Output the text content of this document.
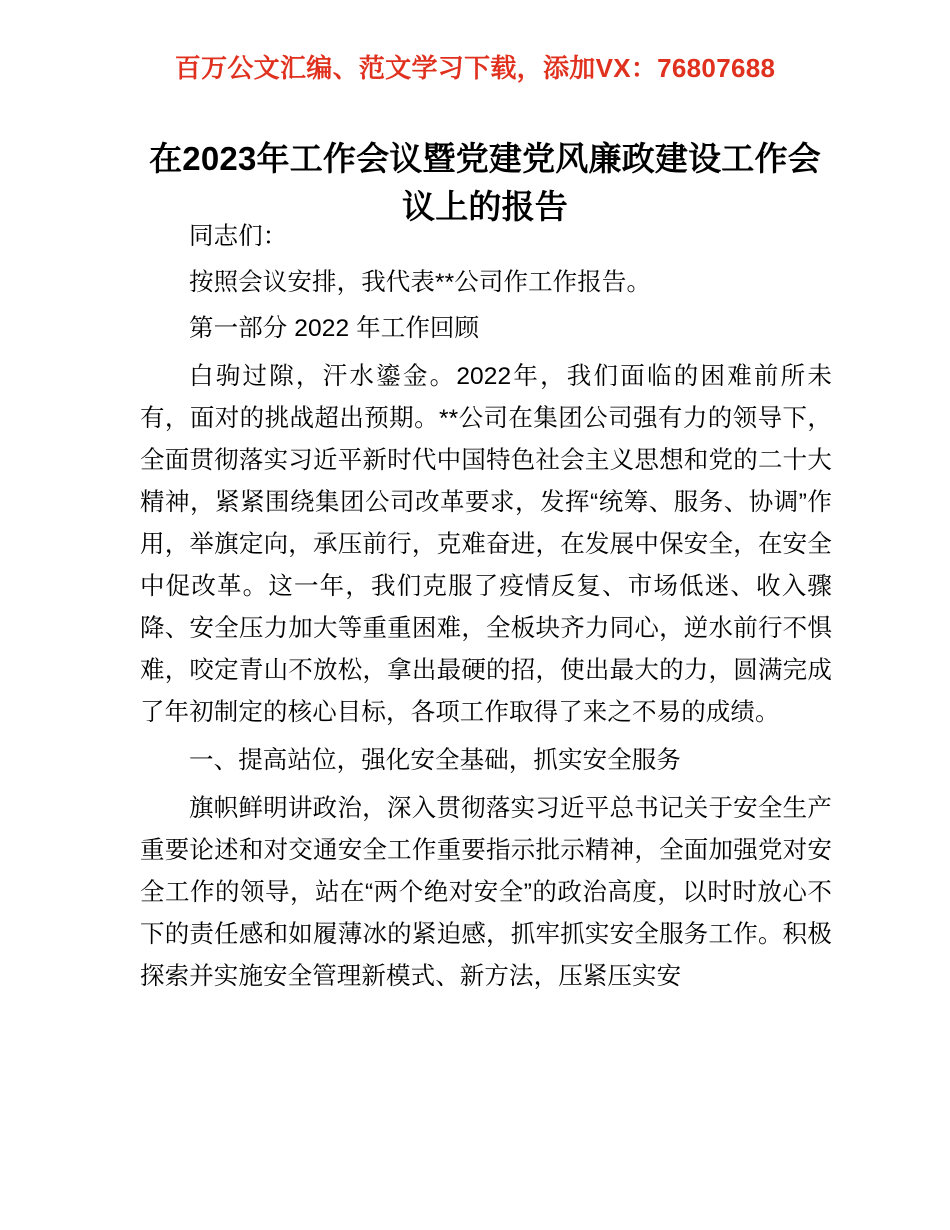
百万公文汇编、范文学习下载，添加VX：76807688
在2023年工作会议暨党建党风廉政建设工作会议上的报告

同志们：

按照会议安排，我代表**公司作工作报告。

第一部分 2022 年工作回顾

白驹过隙，汗水鎏金。2022年，我们面临的困难前所未有，面对的挑战超出预期。**公司在集团公司强有力的领导下，全面贯彻落实习近平新时代中国特色社会主义思想和党的二十大精神，紧紧围绕集团公司改革要求，发挥“统筹、服务、协调”作用，举旗定向，承压前行，克难奋进，在发展中保安全，在安全中促改革。这一年，我们克服了疫情反复、市场低迷、收入骤降、安全压力加大等重重困难，全板块齐力同心，逆水前行不惧难，咬定青山不放松，拿出最硬的招，使出最大的力，圆满完成了年初制定的核心目标，各项工作取得了来之不易的成绩。

一、提高站位，强化安全基础，抓实安全服务

旗帜鲜明讲政治，深入贯彻落实习近平总书记关于安全生产重要论述和对交通安全工作重要指示批示精神，全面加强党对安全工作的领导，站在“两个绝对安全”的政治高度，以时时放心不下的责任感和如履薄冰的紧迫感，抓牢抓实安全服务工作。积极探索并实施安全管理新模式、新方法，压紧压实安
